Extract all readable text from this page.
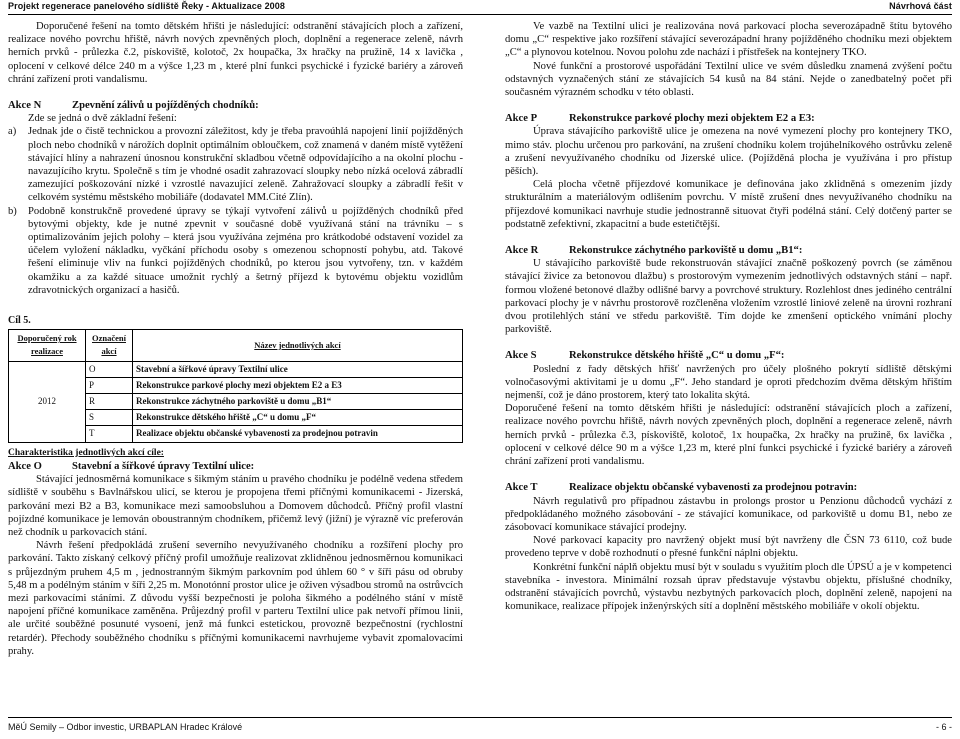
Projekt regenerace panelového sídliště Řeky - Aktualizace 2008	Návrhová část

Doporučené řešení na tomto dětském hřišti je následující: odstranění stávajících ploch a zařízení, realizace nového povrchu hřiště, návrh nových zpevněných ploch, doplnění a regenerace zeleně, návrh herních prvků - průlezka č.2, pískoviště, kolotoč, 2x houpačka, 3x hračky na pružině, 14 x lavička , oplocení v celkové délce 240 m a výšce 1,23 m , které plní funkci psychické i fyzické bariéry a zároveň chrání zařízení proti vandalismu.

Akce N	Zpevnění zálivů u pojížděných chodníků:

Zde se jedná o dvě základní řešení:

a)	Jednak jde o čistě technickou a provozní záležitost, kdy je třeba pravoúhlá napojení linií pojížděných ploch nebo chodníků v nárožích doplnit optimálním obloučkem, což znamená v daném místě vytěžení stávající hlíny a nahrazení únosnou konstrukční skladbou včetně odpovídajícího a na okolní plochu - navazujícího krytu. Společně s tím je vhodné osadit zahrazovací sloupky nebo nízká ocelová zábradlí zamezující poškozování nízké i vzrostlé navazující zeleně. Zahražovací sloupky a zábradlí řešit v celkovém systému městského mobiliáře (dodavatel MM.Cité Zlín).
b)	Podobně konstrukčně provedené úpravy se týkají vytvoření zálivů u pojížděných chodníků před bytovými objekty, kde je nutné zpevnit v současné době využívaná stání na trávníku – s optimalizováním jejich polohy – která jsou využívána zejména pro krátkodobé odstavení vozidel za účelem vyložení nákladku, vyčkání příchodu osoby s omezenou schopností pohybu, atd. Takové řešení eliminuje vliv na funkci pojížděných chodníků, po kterou jsou vytvořeny, tzn. v každém okamžiku a za každé situace umožnit rychlý a šetrný příjezd k bytovému objektu vozidlům zdravotnických organizací a hasičů.
Cíl 5.
Doporučený rok realizace	Označení akcí	Název jednotlivých akcí
2012	O	Stavební a šířkové úpravy Textilní ulice
	P	Rekonstrukce parkové plochy mezi objektem E2 a E3
	R	Rekonstrukce záchytného parkoviště u domu „B1“
	S	Rekonstrukce dětského hřiště „C“ u domu „F“
	T	Realizace objektu občanské vybavenosti za prodejnou potravin
Charakteristika jednotlivých akcí cíle:
Akce O	Stavební a šířkové úpravy Textilní ulice:

Stávající jednosměrná komunikace s šikmým stáním u pravého chodníku je podélně vedena středem sídliště v souběhu s Bavlnářskou ulicí, se kterou je propojena třemi příčnými komunikacemi - Jizerská, parkování mezi B2 a B3, komunikace mezi samoobsluhou a Domovem důchodců. Příčný profil vlastní pojízdné komunikace je lemován oboustranným chodníkem, přičemž levý (jižní) je výrazně víc preferován než chodník u parkovacích stání.

Návrh řešení předpokládá zrušení severního nevyužívaného chodníku a rozšíření plochy pro parkování. Takto získaný celkový příčný profil umožňuje realizovat zklidněnou jednosměrnou komunikaci s průjezdným pruhem 4,5 m , jednostranným šikmým parkovním pod úhlem 60 ° v šíři pásu od obruby 5,48 m a podélným stáním v šíři 2,25 m. Monotónní prostor ulice je oživen výsadbou stromů na ostrůvcích mezi parkovacími stáními. Z důvodu vyšší bezpečnosti je poloha šikmého a podélného stání v místě napojení příčné komunikace zaměněna. Průjezdný profil v parteru Textilní ulice pak netvoří přímou linii, ale určité souběžné posunuté vysoení, jenž má funkci estetickou, provozně bezpečnostní (rychlostní retardér). Přechody souběžného chodníku s příčnými komunikacemi navrhujeme vybavit zpomalovacími prahy.

Ve vazbě na Textilní ulici je realizována nová parkovací plocha severozápadně štítu bytového domu „C“ respektive jako rozšíření stávající severozápadní hrany pojížděného chodníku mezi objektem „C“ a plynovou kotelnou. Novou polohu zde nachází i přístřešek na kontejnery TKO.

Nové funkční a prostorové uspořádání Textilní ulice ve svém důsledku znamená zvýšení počtu odstavných vyznačených stání ze stávajících 54 kusů na 84 stání. Nejde o zanedbatelný počet při současném výrazném schodku v této oblasti.

Akce P	Rekonstrukce parkové plochy mezi objektem E2 a E3:

Úprava stávajícího parkoviště ulice je omezena na nové vymezení plochy pro kontejnery TKO, mimo stáv. plochu určenou pro parkování, na zrušení chodníku kolem trojúhelníkového ostrůvku zeleně a zrušení nevyužívaného chodníku od Jizerské ulice. (Pojížděná plocha je využívána i pro přístup pěších).

Celá plocha včetně příjezdové komunikace je definována jako zklidněná s omezením jízdy strukturálním a materiálovým odlišením povrchu. V místě zrušení dnes nevyužívaného chodníku na příjezdové komunikaci navrhuje studie jednostranně situovat čtyři podélná stání. Celý dotčený parter se podstatně zefektivní, zkapacitní a bude estetičtější.

Akce R	Rekonstrukce záchytného parkoviště u domu „B1“:

U stávajícího parkoviště bude rekonstruován stávající značně poškozený povrch (se záměnou stávající živice za betonovou dlažbu) s prostorovým vymezením jednotlivých odstavných stání – např. formou vložené betonové dlažby odlišné barvy a povrchové struktury. Rozlehlost dnes jediného centrální parkovací plochy je v návrhu prostorově rozčleněna vložením vzrostlé liniové zeleně na úrovni rozhraní dvou protilehlých stání ve středu parkoviště. Tím dojde ke zmenšení optického vnímání plochy parkoviště.

Akce S	Rekonstrukce dětského hřiště „C“ u domu „F“:

Poslední z řady dětských hřišť navržených pro účely plošného pokrytí sídliště dětskými volnočasovými aktivitami je u domu „F“. Jeho standard je oproti předchozím dvěma dětským hřištím nejmenší, což je dáno prostorem, který tato lokalita skýtá.

Doporučené řešení na tomto dětském hřišti je následující: odstranění stávajících ploch a zařízení, realizace nového povrchu hřiště, návrh nových zpevněných ploch, doplnění a regenerace zeleně, návrh herních prvků - průlezka č.3, pískoviště, kolotoč, 1x houpačka, 2x hračky na pružině, 6x lavička , oplocení v celkové délce 90 m a výšce 1,23 m, které plní funkci psychické i fyzické bariéry a zároveň chrání zařízení proti vandalismu.

Akce T	Realizace objektu občanské vybavenosti za prodejnou potravin:

Návrh regulativů pro případnou zástavbu in prolongs prostor u Penzionu důchodců vychází z předpokládaného možného zásobování - ze stávající komunikace, od parkoviště u domu B1, nebo ze zásobovací komunikace stávající prodejny.

Nové parkovací kapacity pro navržený objekt musí být navrženy dle ČSN 73 6110, což bude provedeno teprve v době rozhodnutí o přesné funkční náplni objektu.

Konkrétní funkční náplň objektu musí být v souladu s využitím ploch dle ÚPSÚ a je v kompetenci stavebníka - investora. Minimální rozsah úprav představuje výstavbu objektu, příslušné chodníky, odstranění stávajících povrchů, výstavbu nezbytných parkovacích ploch, doplnění zeleně, napojení na komunikace, realizace přípojek inženýrských sítí a doplnění městského mobiliáře v okolí objektu.

MěÚ Semily – Odbor investic, URBAPLAN Hradec Králové	- 6 -
